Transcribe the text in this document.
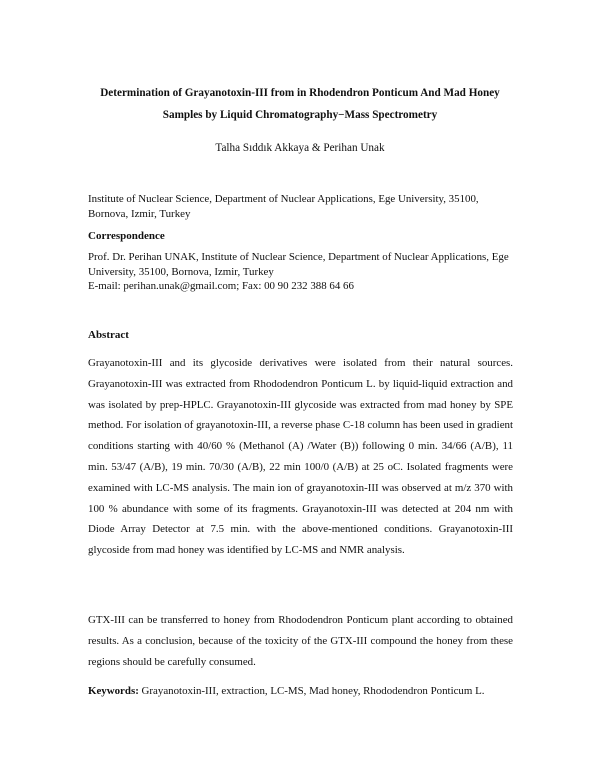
Determination of Grayanotoxin-III from in Rhodendron Ponticum And Mad Honey
Samples by Liquid Chromatography−Mass Spectrometry
Talha Sıddık Akkaya & Perihan Unak

Institute of Nuclear Science, Department of Nuclear Applications, Ege University, 35100, Bornova, Izmir, Turkey

Correspondence

Prof. Dr. Perihan UNAK, Institute of Nuclear Science, Department of Nuclear Applications, Ege University, 35100, Bornova, Izmir, Turkey

E-mail: perihan.unak@gmail.com; Fax: 00 90 232 388 64 66

Abstract

Grayanotoxin-III and its glycoside derivatives were isolated from their natural sources. Grayanotoxin-III was extracted from Rhododendron Ponticum L. by liquid-liquid extraction and was isolated by prep-HPLC. Grayanotoxin-III glycoside was extracted from mad honey by SPE method. For isolation of grayanotoxin-III, a reverse phase C-18 column has been used in gradient conditions starting with 40/60 % (Methanol (A) /Water (B)) following 0 min. 34/66 (A/B), 11 min. 53/47 (A/B), 19 min. 70/30 (A/B), 22 min 100/0 (A/B) at 25 oC. Isolated fragments were examined with LC-MS analysis. The main ion of grayanotoxin-III was observed at m/z 370 with 100 % abundance with some of its fragments. Grayanotoxin-III was detected at 204 nm with Diode Array Detector at 7.5 min. with the above-mentioned conditions. Grayanotoxin-III glycoside from mad honey was identified by LC-MS and NMR analysis.

GTX-III can be transferred to honey from Rhododendron Ponticum plant according to obtained results. As a conclusion, because of the toxicity of the GTX-III compound the honey from these regions should be carefully consumed.

Keywords: Grayanotoxin-III, extraction, LC-MS, Mad honey, Rhododendron Ponticum L.
